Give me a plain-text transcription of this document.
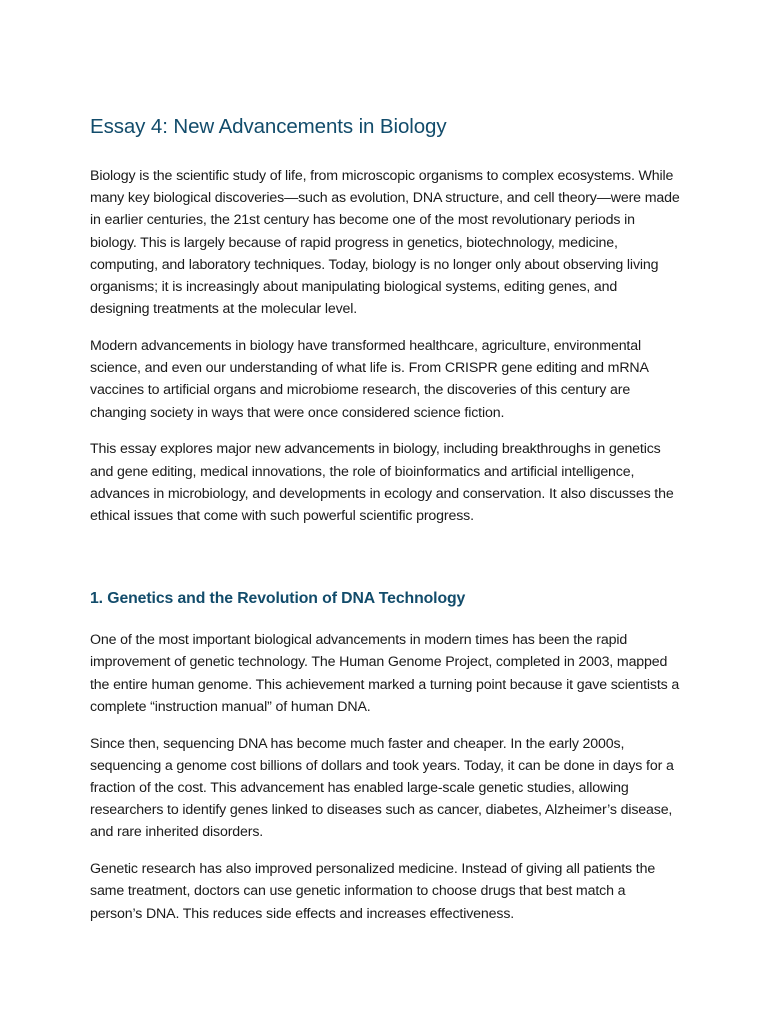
Essay 4: New Advancements in Biology

Biology is the scientific study of life, from microscopic organisms to complex ecosystems. While many key biological discoveries—such as evolution, DNA structure, and cell theory—were made in earlier centuries, the 21st century has become one of the most revolutionary periods in biology. This is largely because of rapid progress in genetics, biotechnology, medicine, computing, and laboratory techniques. Today, biology is no longer only about observing living organisms; it is increasingly about manipulating biological systems, editing genes, and designing treatments at the molecular level.

Modern advancements in biology have transformed healthcare, agriculture, environmental science, and even our understanding of what life is. From CRISPR gene editing and mRNA vaccines to artificial organs and microbiome research, the discoveries of this century are changing society in ways that were once considered science fiction.

This essay explores major new advancements in biology, including breakthroughs in genetics and gene editing, medical innovations, the role of bioinformatics and artificial intelligence, advances in microbiology, and developments in ecology and conservation. It also discusses the ethical issues that come with such powerful scientific progress.

1. Genetics and the Revolution of DNA Technology

One of the most important biological advancements in modern times has been the rapid improvement of genetic technology. The Human Genome Project, completed in 2003, mapped the entire human genome. This achievement marked a turning point because it gave scientists a complete “instruction manual” of human DNA.

Since then, sequencing DNA has become much faster and cheaper. In the early 2000s, sequencing a genome cost billions of dollars and took years. Today, it can be done in days for a fraction of the cost. This advancement has enabled large-scale genetic studies, allowing researchers to identify genes linked to diseases such as cancer, diabetes, Alzheimer’s disease, and rare inherited disorders.

Genetic research has also improved personalized medicine. Instead of giving all patients the same treatment, doctors can use genetic information to choose drugs that best match a person’s DNA. This reduces side effects and increases effectiveness.
